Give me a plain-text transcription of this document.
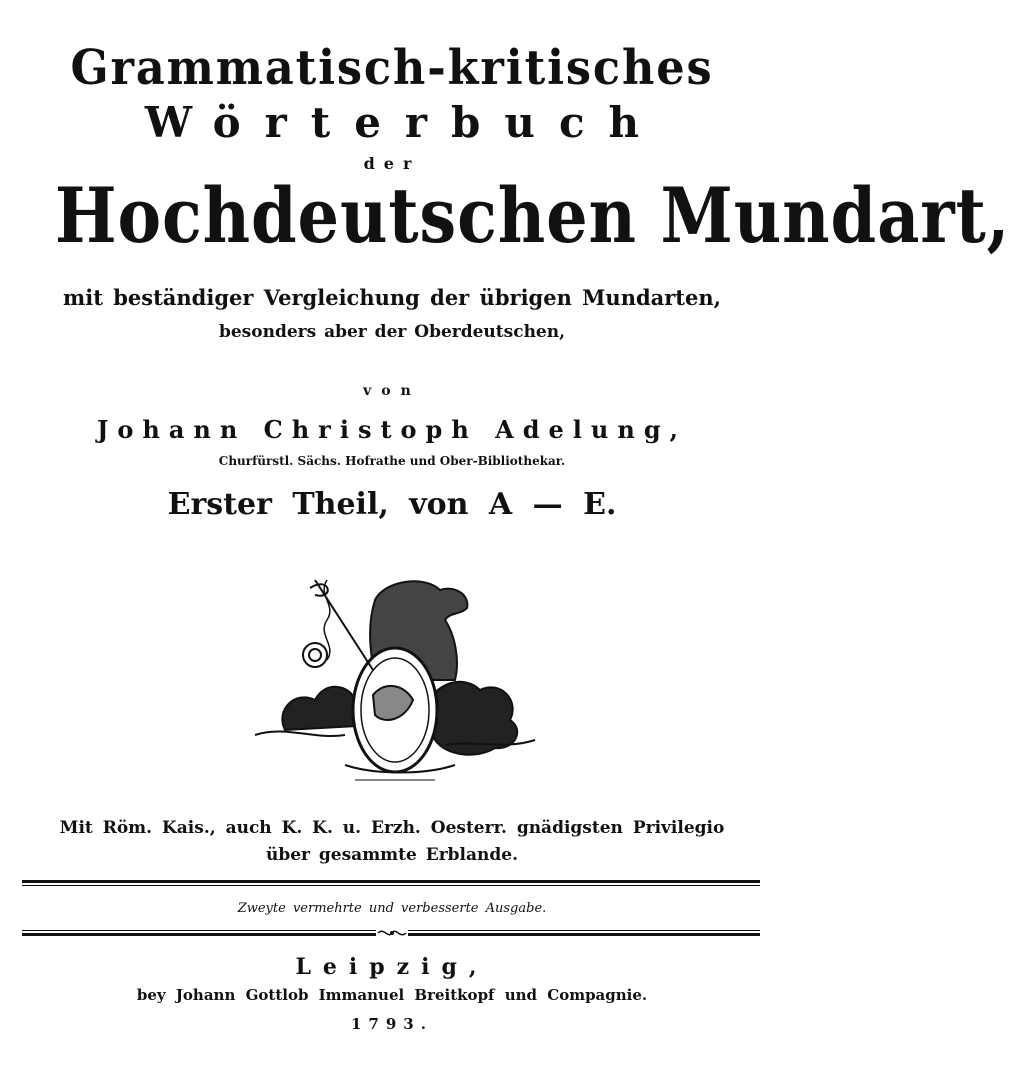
Grammatisch-kritisches
Wörterbuch
der
Hochdeutschen Mundart,
mit beständiger Vergleichung der übrigen Mundarten,
besonders aber der Oberdeutschen,
von
Johann Christoph Adelung,
Churfürstl. Sächs. Hofrathe und Ober-Bibliothekar.
Erster Theil, von A — E.
Mit Röm. Kais., auch K. K. u. Erzh. Oesterr. gnädigsten Privilegio
über gesammte Erblande.
Zweyte vermehrte und verbesserte Ausgabe.
Leipzig,
bey Johann Gottlob Immanuel Breitkopf und Compagnie.
1793.
